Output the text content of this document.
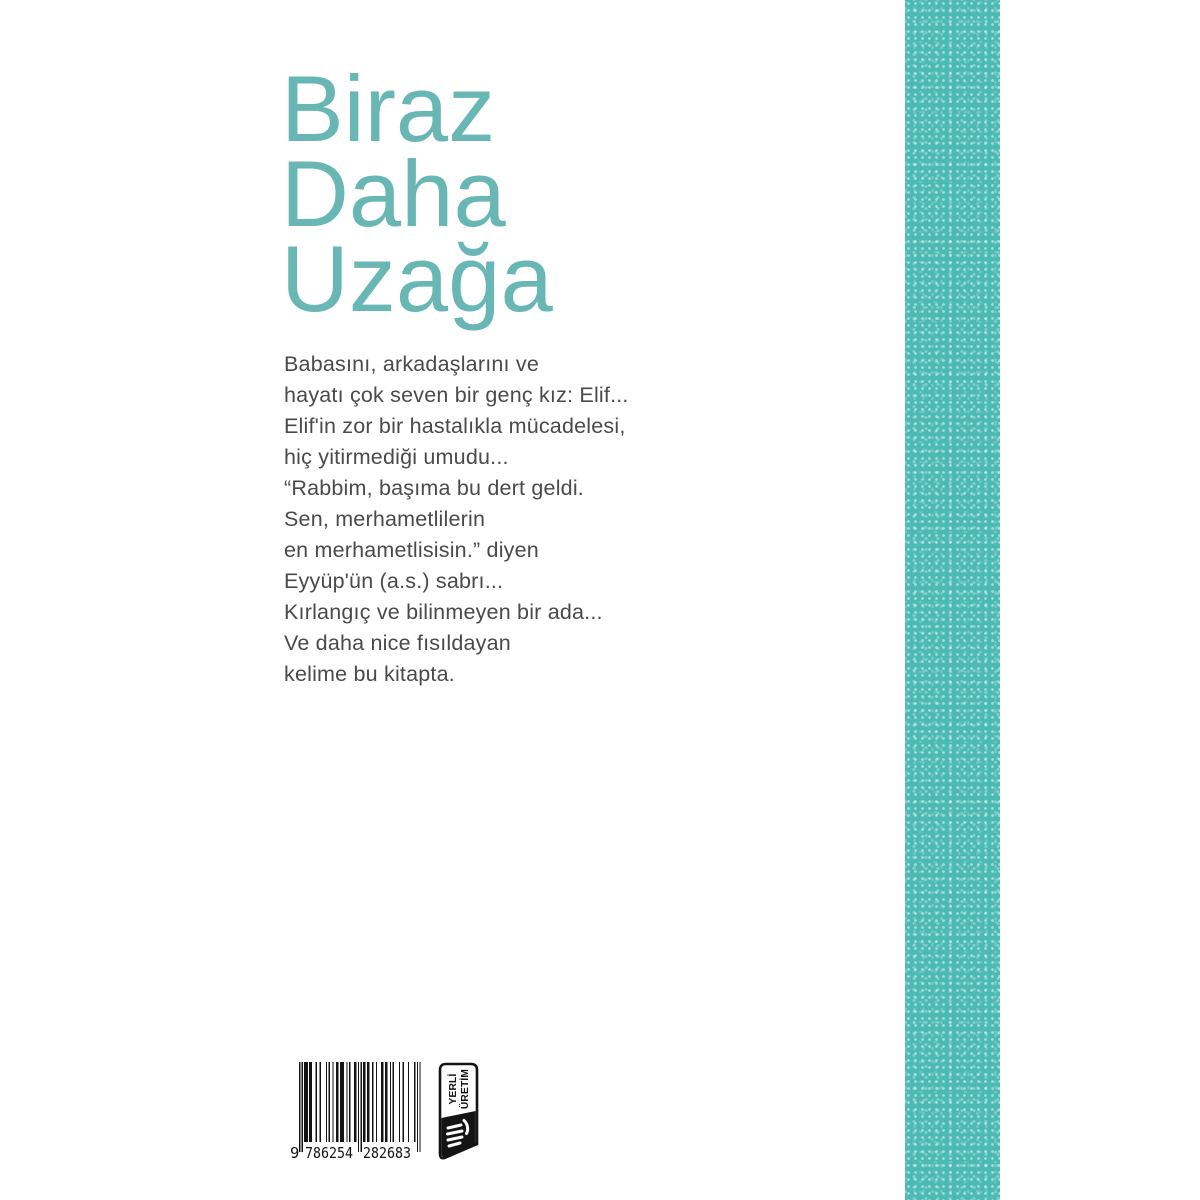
Biraz
Daha
Uzağa
Babasını, arkadaşlarını ve
hayatı çok seven bir genç kız: Elif...
Elif'in zor bir hastalıkla mücadelesi,
hiç yitirmediği umudu...
“Rabbim, başıma bu dert geldi.
Sen, merhametlilerin
en merhametlisisin.” diyen
Eyyüp'ün (a.s.) sabrı...
Kırlangıç ve bilinmeyen bir ada...
Ve daha nice fısıldayan
kelime bu kitapta.
9 786254 282683
YERLİ ÜRETİM
